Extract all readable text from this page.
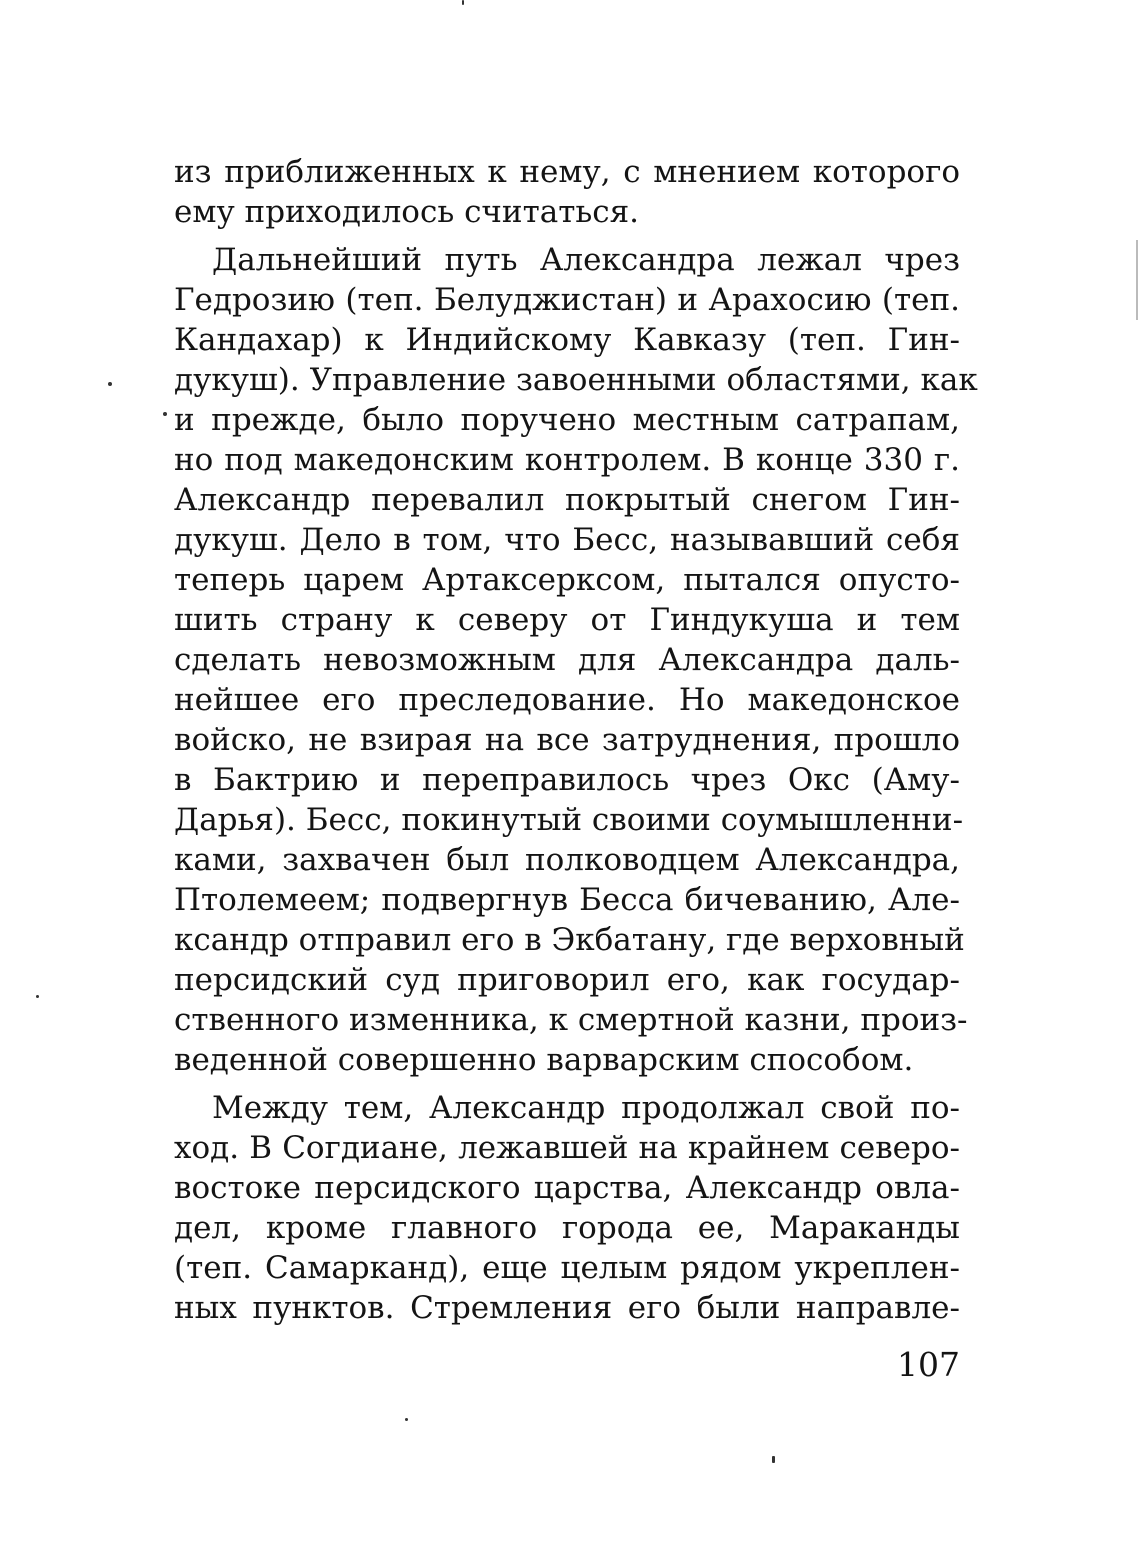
из приближенных к нему, с мнением которого
ему приходилось считаться.
Дальнейший путь Александра лежал чрез
Гедрозию (теп. Белуджистан) и Арахосию (теп.
Кандахар) к Индийскому Кавказу (теп. Гин-
дукуш). Управление завоенными областями, как
и прежде, было поручено местным сатрапам,
но под македонским контролем. В конце 330 г.
Александр перевалил покрытый снегом Гин-
дукуш. Дело в том, что Бесс, называвший себя
теперь царем Артаксерксом, пытался опусто-
шить страну к северу от Гиндукуша и тем
сделать невозможным для Александра даль-
нейшее его преследование. Но македонское
войско, не взирая на все затруднения, прошло
в Бактрию и переправилось чрез Окс (Аму-
Дарья). Бесс, покинутый своими соумышленни-
ками, захвачен был полководцем Александра,
Птолемеем; подвергнув Бесса бичеванию, Але-
ксандр отправил его в Экбатану, где верховный
персидский суд приговорил его, как государ-
ственного изменника, к смертной казни, произ-
веденной совершенно варварским способом.
Между тем, Александр продолжал свой по-
ход. В Согдиане, лежавшей на крайнем северо-
востоке персидского царства, Александр овла-
дел, кроме главного города ее, Мараканды
(теп. Самарканд), еще целым рядом укреплен-
ных пунктов. Стремления его были направле-
107
